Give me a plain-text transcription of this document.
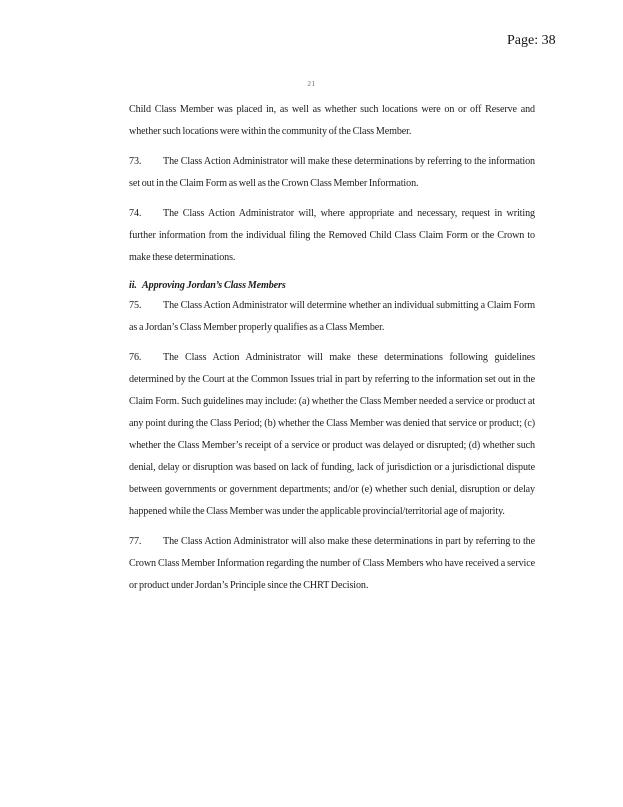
Page: 38
21

Child Class Member was placed in, as well as whether such locations were on or off Reserve and whether such locations were within the community of the Class Member.

73. The Class Action Administrator will make these determinations by referring to the information set out in the Claim Form as well as the Crown Class Member Information.

74. The Class Action Administrator will, where appropriate and necessary, request in writing further information from the individual filing the Removed Child Class Claim Form or the Crown to make these determinations.

ii. Approving Jordan’s Class Members

75. The Class Action Administrator will determine whether an individual submitting a Claim Form as a Jordan’s Class Member properly qualifies as a Class Member.

76. The Class Action Administrator will make these determinations following guidelines determined by the Court at the Common Issues trial in part by referring to the information set out in the Claim Form. Such guidelines may include: (a) whether the Class Member needed a service or product at any point during the Class Period; (b) whether the Class Member was denied that service or product; (c) whether the Class Member’s receipt of a service or product was delayed or disrupted; (d) whether such denial, delay or disruption was based on lack of funding, lack of jurisdiction or a jurisdictional dispute between governments or government departments; and/or (e) whether such denial, disruption or delay happened while the Class Member was under the applicable provincial/territorial age of majority.

77. The Class Action Administrator will also make these determinations in part by referring to the Crown Class Member Information regarding the number of Class Members who have received a service or product under Jordan’s Principle since the CHRT Decision.
